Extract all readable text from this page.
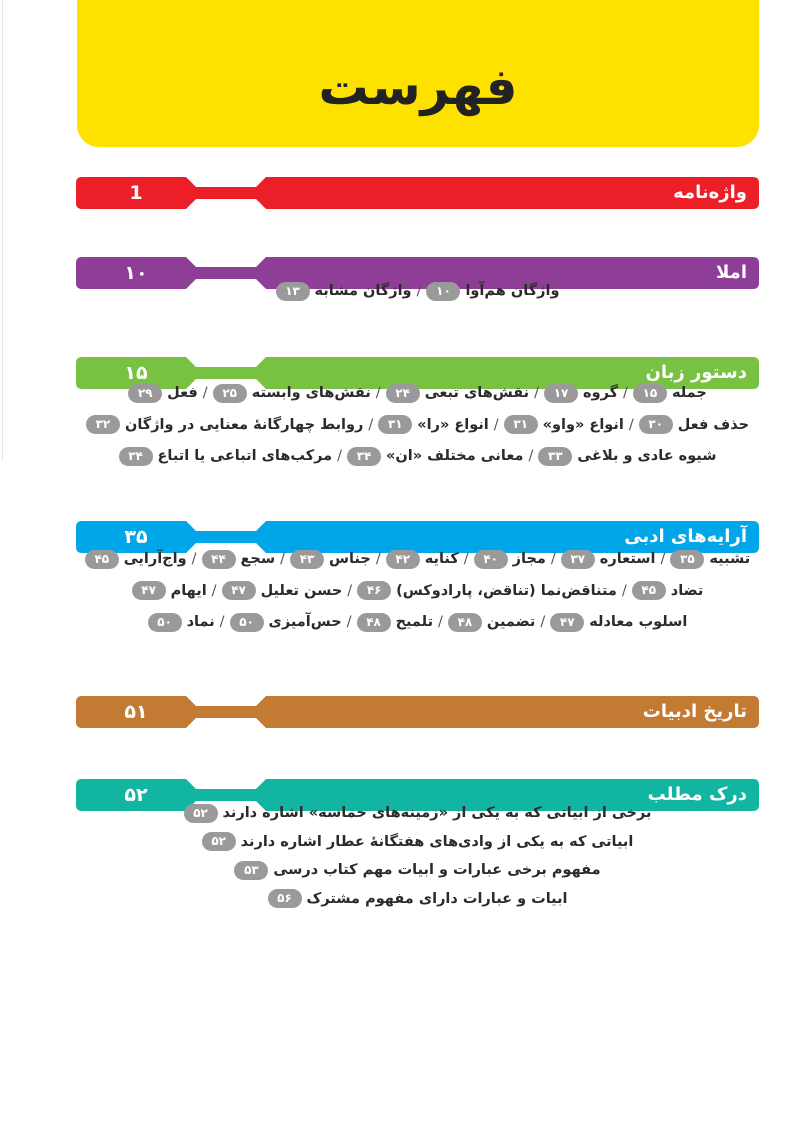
فهرست
واژه‌نامه
1
املا
۱۰
واژگان هم‌آوا۱۰/واژگان مشابه۱۳
دستور زبان
۱۵
جمله۱۵/گروه۱۷/نقش‌های تبعی۲۴/نقش‌های وابسته۲۵/فعل۲۹
حذف فعل۳۰/انواع «واو»۳۱/انواع «را»۳۱/روابط چهارگانهٔ معنایی در واژگان۳۲
شیوه عادی و بلاغی۳۳/معانی مختلف «ان»۳۴/مرکب‌های اتباعی یا اتباع۳۴
آرایه‌های ادبی
۳۵
تشبیه۳۵/استعاره۳۷/مجاز۴۰/کنایه۴۲/جناس۴۳/سجع۴۴/واج‌آرایی۴۵
تضاد۴۵/متناقض‌نما (تناقض، پارادوکس)۴۶/حسن تعلیل۴۷/ایهام۴۷
اسلوب معادله۴۷/تضمین۴۸/تلمیح۴۸/حس‌آمیزی۵۰/نماد۵۰
تاریخ ادبیات
۵۱
درک مطلب
۵۲
برخی از ابیاتی که به یکی از «زمینه‌های حماسه» اشاره دارند۵۲
ابیاتی که به یکی از وادی‌های هفتگانهٔ عطار اشاره دارند۵۲
مفهوم برخی عبارات و ابیات مهم کتاب درسی۵۳
ابیات و عبارات دارای مفهوم مشترک۵۶
